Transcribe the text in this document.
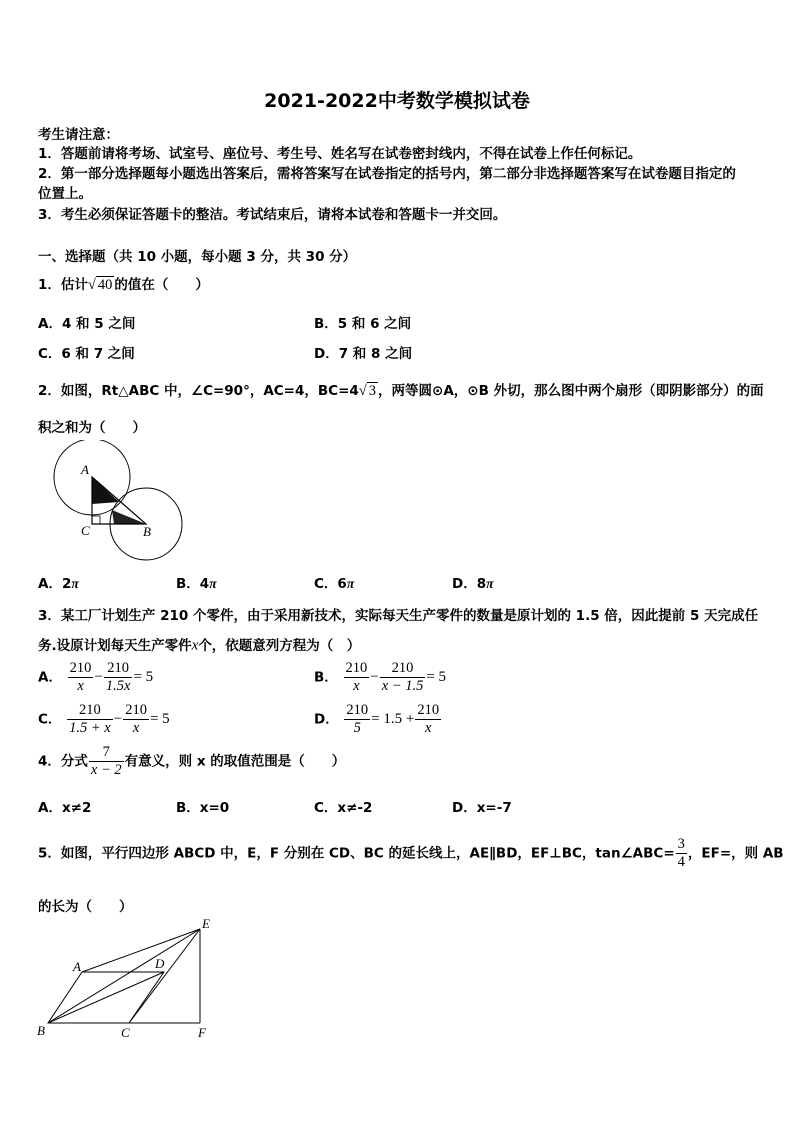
2021-2022中考数学模拟试卷
考生请注意：
1．答题前请将考场、试室号、座位号、考生号、姓名写在试卷密封线内，不得在试卷上作任何标记。
2．第一部分选择题每小题选出答案后，需将答案写在试卷指定的括号内，第二部分非选择题答案写在试卷题目指定的
位置上。
3．考生必须保证答题卡的整洁。考试结束后，请将本试卷和答题卡一并交回。
一、选择题（共 10 小题，每小题 3 分，共 30 分）
1．估计√ 40 的值在（　　）
A．4 和 5 之间	B．5 和 6 之间
C．6 和 7 之间	D．7 和 8 之间
2．如图，Rt△ABC 中，∠C=90°，AC=4，BC=4√ 3 ，两等圆⊙A，⊙B 外切，那么图中两个扇形（即阴影部分）的面
积之和为（　　）
A
C	B
A．2π	B．4π	C．6π	D．8π
3．某工厂计划生产 210 个零件，由于采用新技术，实际每天生产零件的数量是原计划的 1.5 倍，因此提前 5 天完成任
务.设原计划每天生产零件x个，依题意列方程为（　）
A． $\frac{210}{x} - \frac{210}{1.5x} = 5$	B． $\frac{210}{x} - \frac{210}{x - 1.5} = 5$
C． $\frac{210}{1.5 + x} - \frac{210}{x} = 5$	D． $\frac{210}{5} = 1.5 + \frac{210}{x}$
4．分式 $\frac{7}{x - 2}$ 有意义，则 x 的取值范围是（　　）
A．x≠2	B．x=0	C．x≠-2	D．x=-7
5．如图，平行四边形 ABCD 中，E，F 分别在 CD、BC 的延长线上，AE∥BD，EF⊥BC，tan∠ABC= $\frac{3}{4}$ ，EF=，则 AB
的长为（　　）
A
B	C
D
E
F
